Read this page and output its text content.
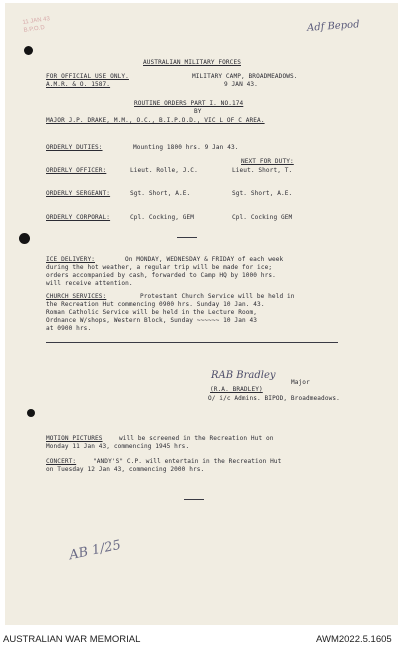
11 JAN 43
B.P.O.D	Adf Bepod
AUSTRALIAN MILITARY FORCES
FOR OFFICIAL USE ONLY.	MILITARY CAMP, BROADMEADOWS.
A.M.R. & O. 1587.	9 JAN 43.
ROUTINE ORDERS PART I. NO.174
BY
MAJOR J.P. DRAKE, M.M., O.C., B.I.P.O.D., VIC L OF C AREA.
ORDERLY DUTIES:	Mounting 1800 hrs. 9 Jan 43.
NEXT FOR DUTY:
ORDERLY OFFICER:	Lieut. Rolle, J.C.	Lieut. Short, T.
ORDERLY SERGEANT:	Sgt. Short, A.E.	Sgt. Short, A.E.
ORDERLY CORPORAL:	Cpl. Cocking, GEM	Cpl. Cocking GEM
ICE DELIVERY:	On MONDAY, WEDNESDAY & FRIDAY of each week
during the hot weather, a regular trip will be made for ice;
orders accompanied by cash, forwarded to Camp HQ by 1000 hrs.
will receive attention.
CHURCH SERVICES:	Protestant Church Service will be held in
the Recreation Hut commencing 0900 hrs. Sunday 10 Jan. 43.
Roman Catholic Service will be held in the Lecture Room,
Ordnance W/shops, Western Block, Sunday ~~~~~~ 10 Jan 43
at 0900 hrs.
RAB Bradley
Major
(R.A. BRADLEY)
O/ i/c Admins. BIPOD, Broadmeadows.
MOTION PICTURES	will be screened in the Recreation Hut on
Monday 11 Jan 43, commencing 1945 hrs.
CONCERT:	"ANDY'S" C.P. will entertain in the Recreation Hut
on Tuesday 12 Jan 43, commencing 2000 hrs.
AB 1/25
AUSTRALIAN WAR MEMORIAL	AWM2022.5.1605
